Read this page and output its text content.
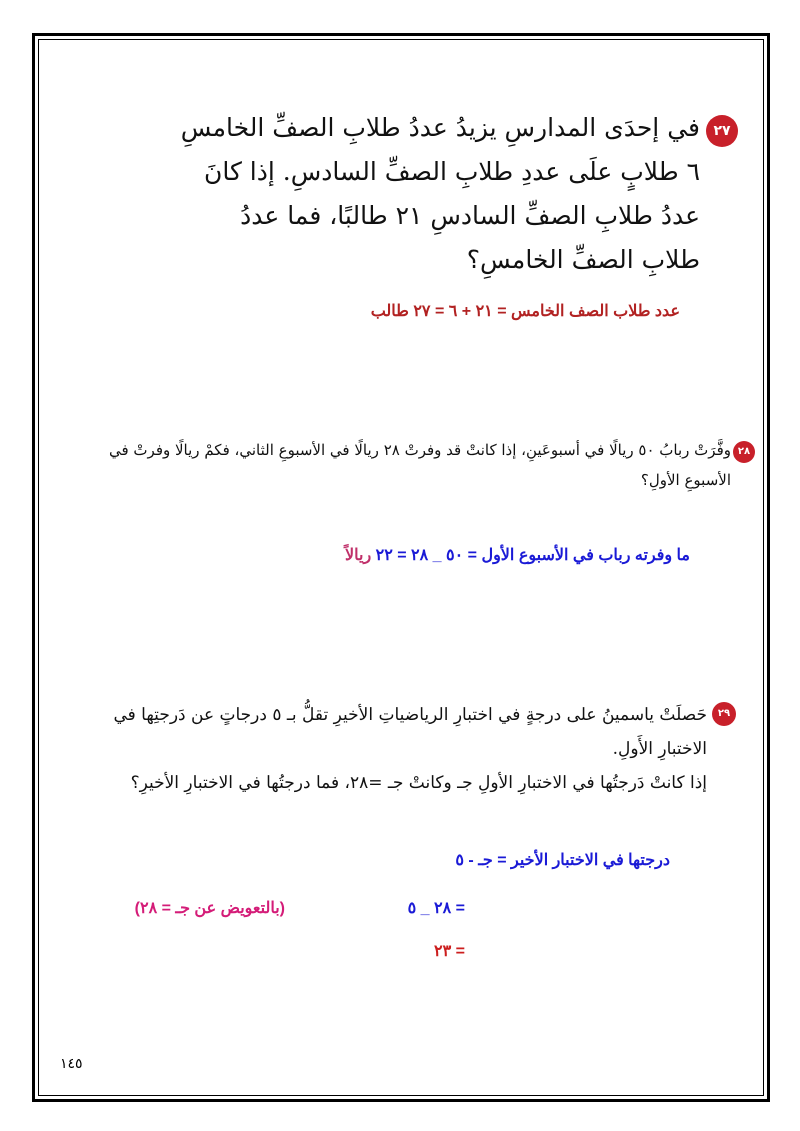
٢٧
في إحدَى المدارسِ يزيدُ عددُ طلابِ الصفِّ الخامسِ
٦ طلابٍ علَى عددِ طلابِ الصفِّ السادسِ. إذا كانَ
عددُ طلابِ الصفِّ السادسِ ٢١ طالبًا، فما عددُ
طلابِ الصفِّ الخامسِ؟
عدد طلاب الصف الخامس = ٢١ + ٦ = ٢٧ طالب
٢٨
وفَّرَتْ ربابُ ٥٠ ريالًا في أسبوعَينِ، إذا كانتْ قد وفرتْ ٢٨ ريالًا في الأسبوعِ الثاني، فكمْ ريالًا وفرتْ في
الأسبوعِ الأولِ؟
ما وفرته رباب في الأسبوع الأول = ٥٠ _ ٢٨ = ٢٢ ريالاً
٢٩
حَصلَتْ ياسمينُ على درجةٍ في اختبارِ الرياضياتِ الأخيرِ تقلُّ بـ ٥ درجاتٍ عن دَرجتِها في الاختبارِ الأَولِ.
إذا كانتْ دَرجتُها في الاختبارِ الأولِ جـ وكانتْ جـ =٢٨، فما درجتُها في الاختبارِ الأخيرِ؟
درجتها في الاختبار الأخير = جـ - ٥
= ٢٨ _ ٥
= ٢٣
(بالتعويض عن جـ = ٢٨)
١٤٥
